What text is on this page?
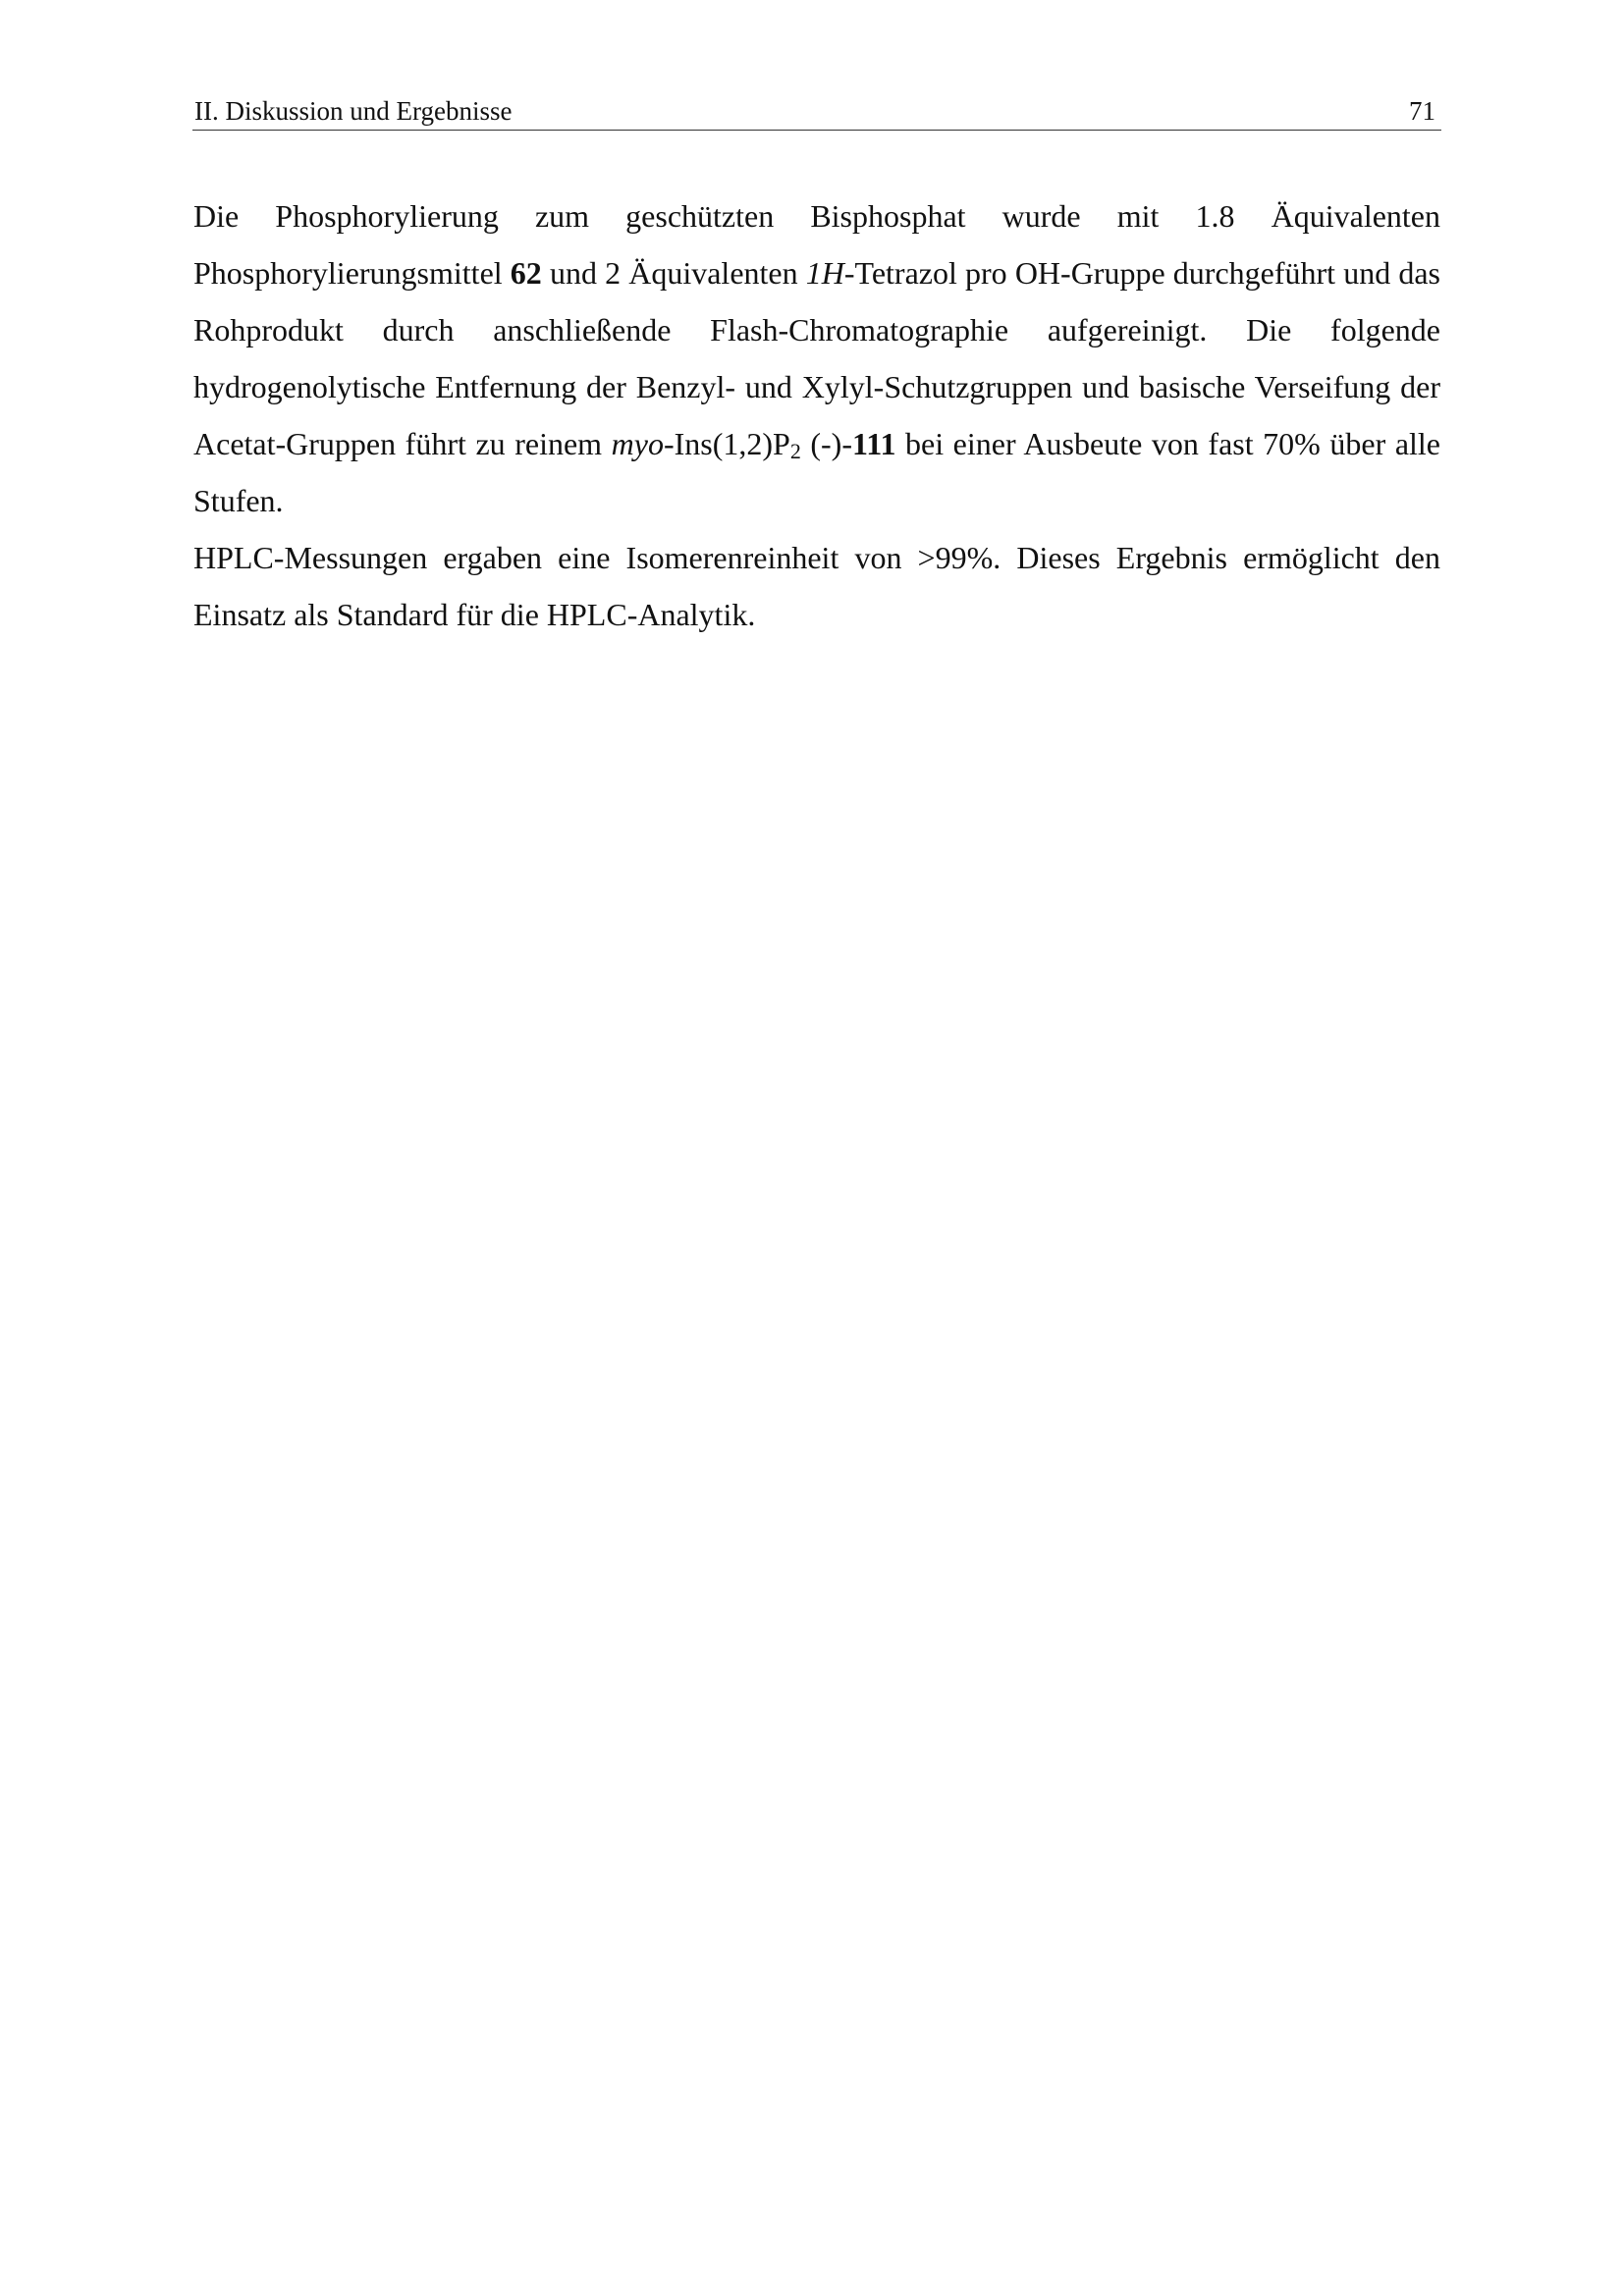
II. Diskussion und Ergebnisse	71

Die Phosphorylierung zum geschützten Bisphosphat wurde mit 1.8 Äquivalenten Phosphorylierungsmittel 62 und 2 Äquivalenten 1H-Tetrazol pro OH-Gruppe durchgeführt und das Rohprodukt durch anschließende Flash-Chromatographie aufgereinigt. Die folgende hydrogenolytische Entfernung der Benzyl- und Xylyl-Schutzgruppen und basische Verseifung der Acetat-Gruppen führt zu reinem myo-$Ins(1,2)P_2$ (-)-111 bei einer Ausbeute von fast 70% über alle Stufen.

HPLC-Messungen ergaben eine Isomerenreinheit von >99%. Dieses Ergebnis ermöglicht den Einsatz als Standard für die HPLC-Analytik.
